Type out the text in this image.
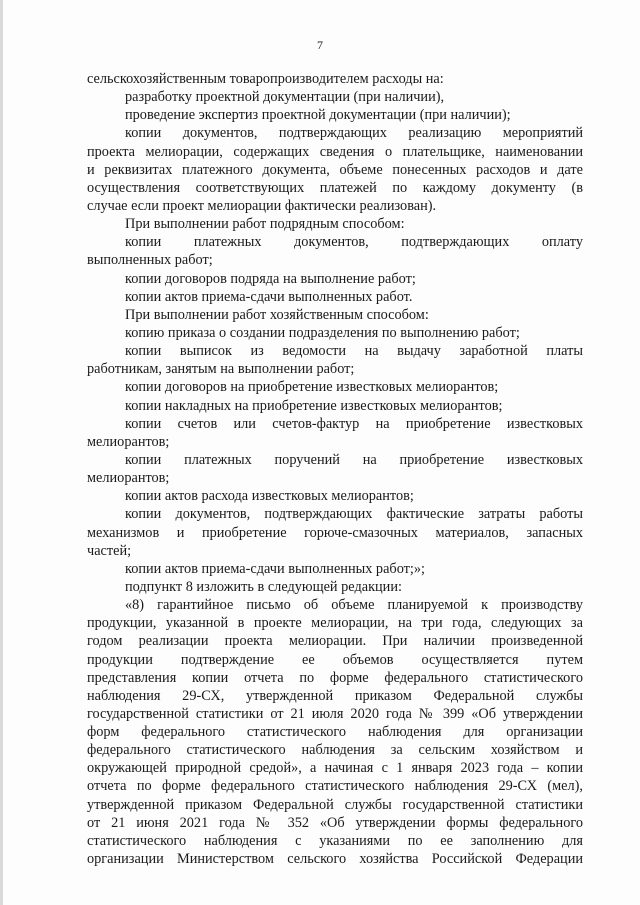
7
сельскохозяйственным товаропроизводителем расходы на:
разработку проектной документации (при наличии),
проведение экспертиз проектной документации (при наличии);
копии документов, подтверждающих реализацию мероприятий
проекта мелиорации, содержащих сведения о плательщике, наименовании
и реквизитах платежного документа, объеме понесенных расходов и дате
осуществления соответствующих платежей по каждому документу (в
случае если проект мелиорации фактически реализован).
При выполнении работ подрядным способом:
копии платежных документов, подтверждающих оплату
выполненных работ;
копии договоров подряда на выполнение работ;
копии актов приема-сдачи выполненных работ.
При выполнении работ хозяйственным способом:
копию приказа о создании подразделения по выполнению работ;
копии выписок из ведомости на выдачу заработной платы
работникам, занятым на выполнении работ;
копии договоров на приобретение известковых мелиорантов;
копии накладных на приобретение известковых мелиорантов;
копии счетов или счетов-фактур на приобретение известковых
мелиорантов;
копии платежных поручений на приобретение известковых
мелиорантов;
копии актов расхода известковых мелиорантов;
копии документов, подтверждающих фактические затраты работы
механизмов и приобретение горюче-смазочных материалов, запасных
частей;
копии актов приема-сдачи выполненных работ;»;
подпункт 8 изложить в следующей редакции:
«8) гарантийное письмо об объеме планируемой к производству
продукции, указанной в проекте мелиорации, на три года, следующих за
годом реализации проекта мелиорации. При наличии произведенной
продукции подтверждение ее объемов осуществляется путем
представления копии отчета по форме федерального статистического
наблюдения 29-СХ, утвержденной приказом Федеральной службы
государственной статистики от 21 июля 2020 года № 399 «Об утверждении
форм федерального статистического наблюдения для организации
федерального статистического наблюдения за сельским хозяйством и
окружающей природной средой», а начиная с 1 января 2023 года – копии
отчета по форме федерального статистического наблюдения 29-СХ (мел),
утвержденной приказом Федеральной службы государственной статистики
от 21 июня 2021 года № 352 «Об утверждении формы федерального
статистического наблюдения с указаниями по ее заполнению для
организации Министерством сельского хозяйства Российской Федерации
